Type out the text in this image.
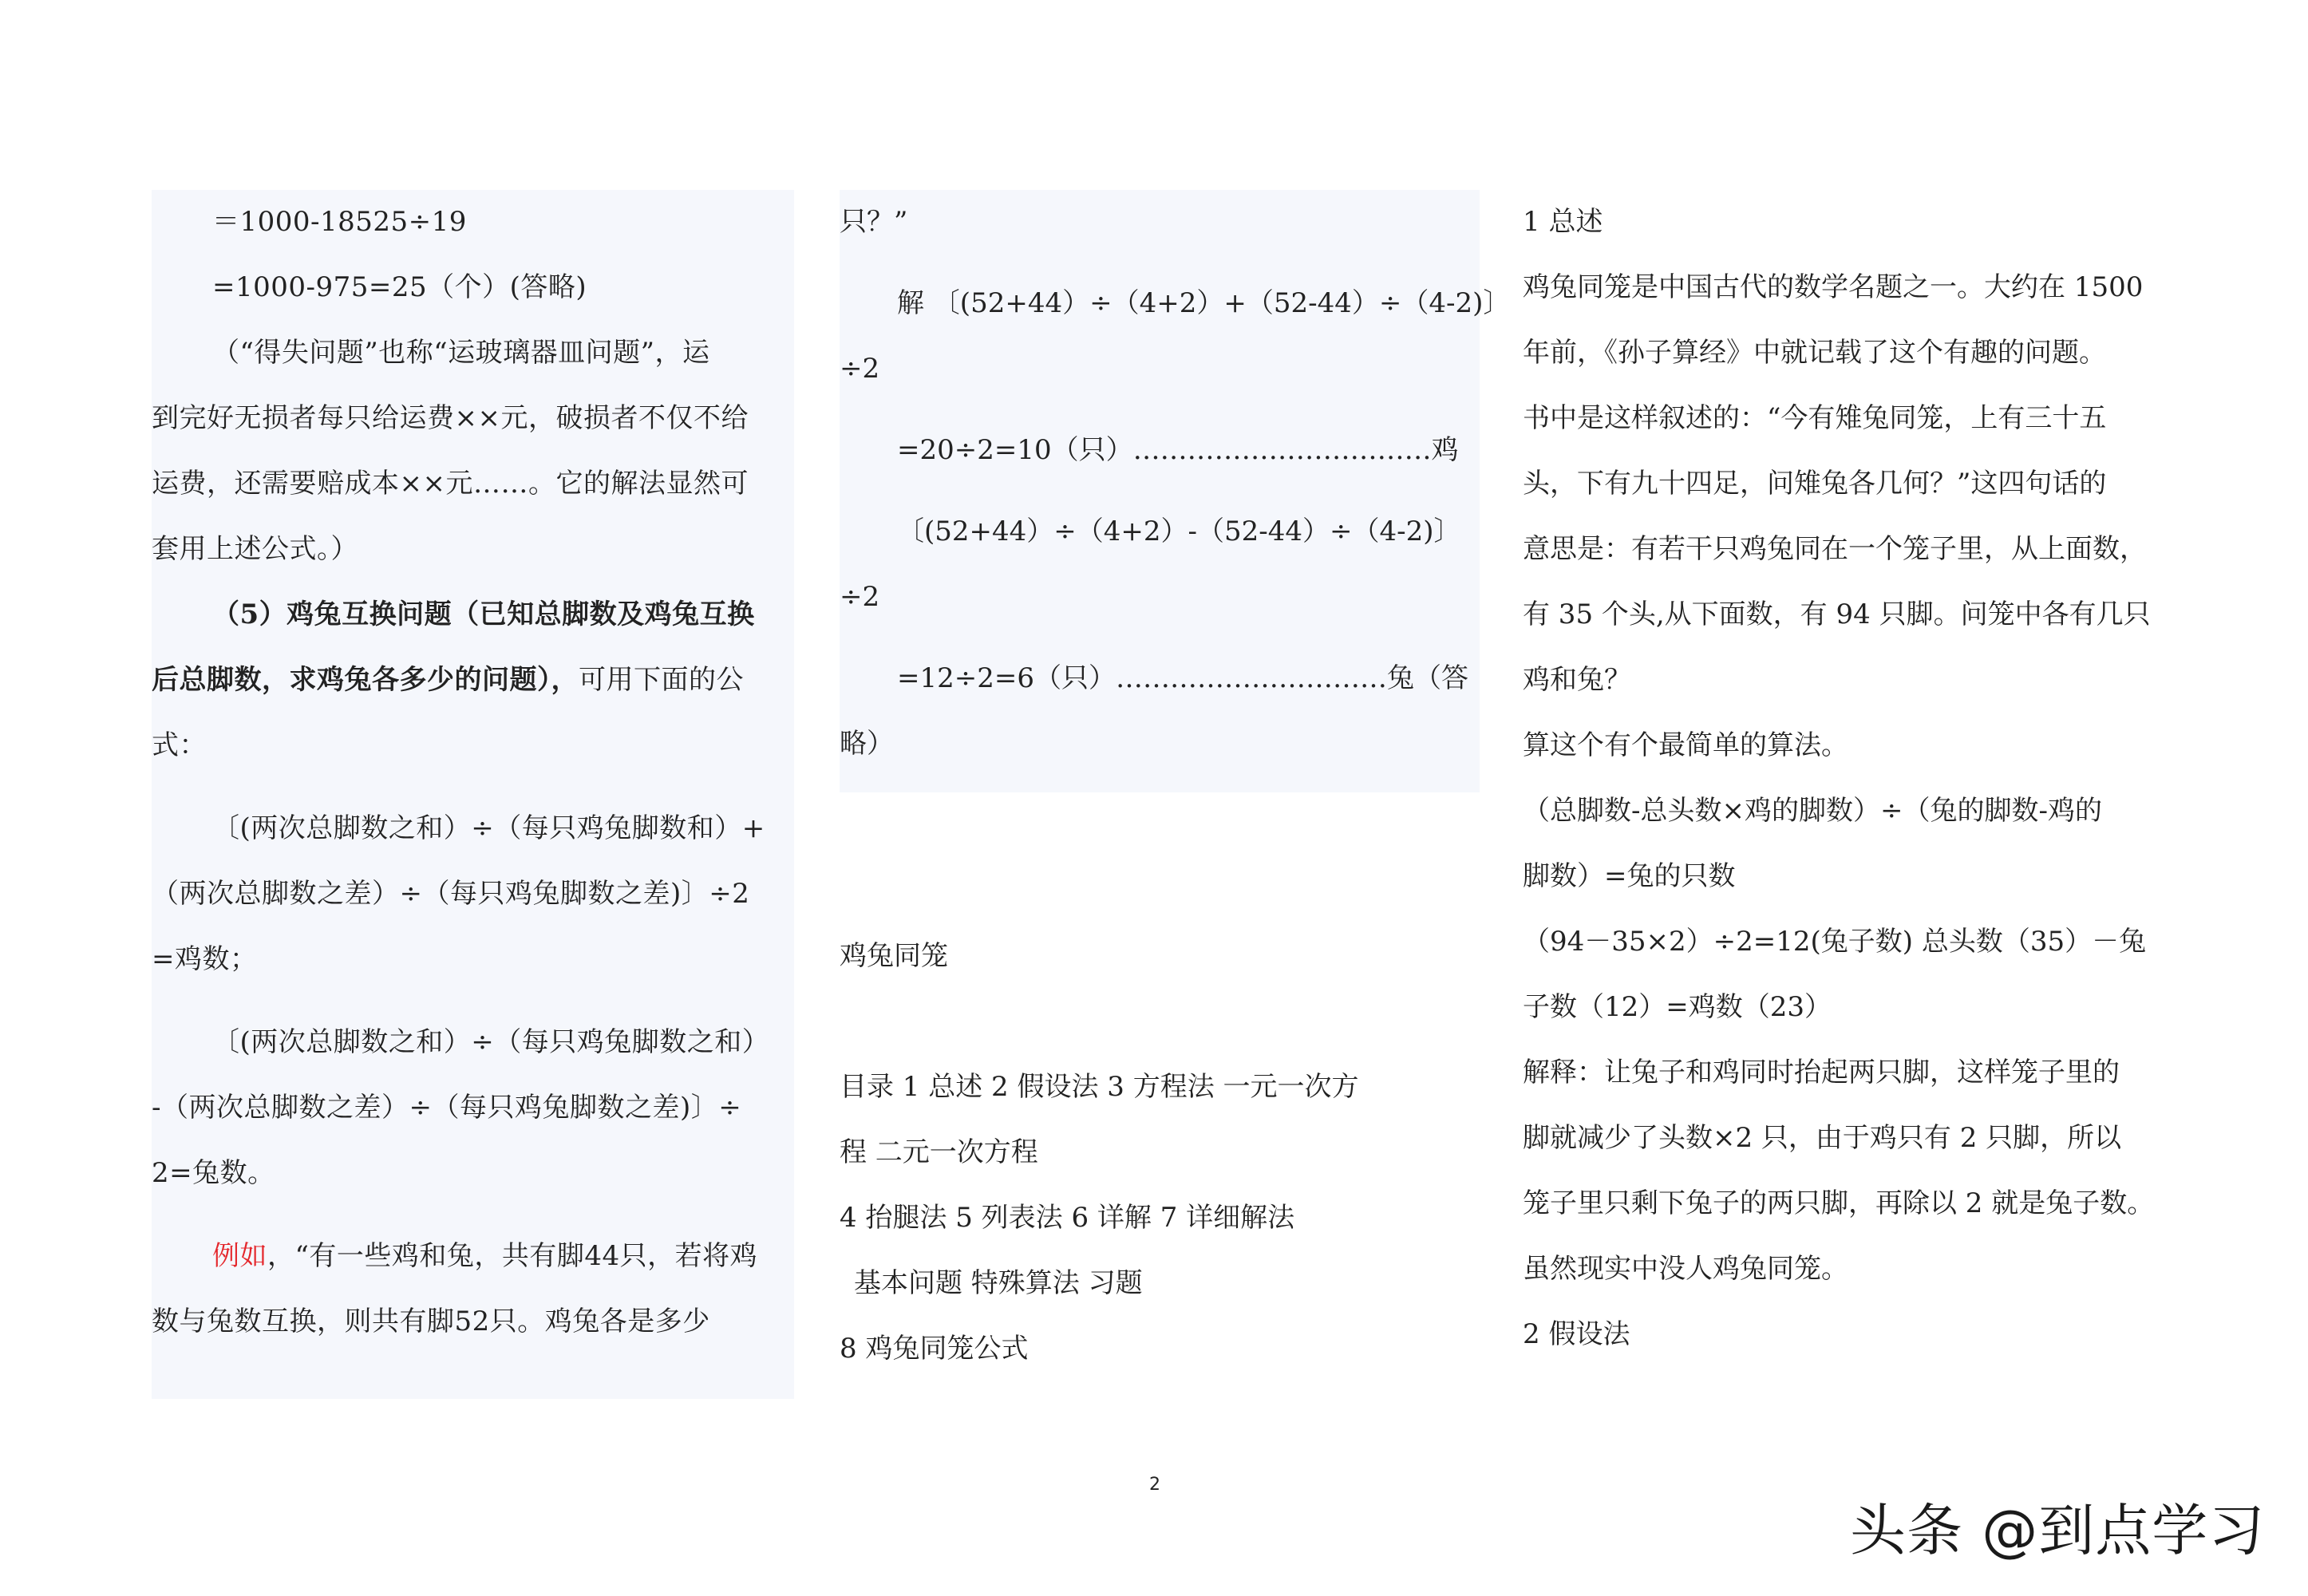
＝1000-18525÷19
=1000-975=25（个）(答略)
（“得失问题”也称“运玻璃器皿问题”，运
到完好无损者每只给运费××元，破损者不仅不给
运费，还需要赔成本××元……。它的解法显然可
套用上述公式。）
（5）鸡兔互换问题（已知总脚数及鸡兔互换
后总脚数，求鸡兔各多少的问题），可用下面的公
式：
〔(两次总脚数之和）÷（每只鸡兔脚数和）+
（两次总脚数之差）÷（每只鸡兔脚数之差)〕÷2
=鸡数；
〔(两次总脚数之和）÷（每只鸡兔脚数之和）
-（两次总脚数之差）÷（每只鸡兔脚数之差)〕÷
2=兔数。
例如，“有一些鸡和兔，共有脚44只，若将鸡
数与兔数互换，则共有脚52只。鸡兔各是多少
只？”
解 〔(52+44）÷（4+2）+（52-44）÷（4-2)〕
÷2
=20÷2=10（只）……………………………鸡
〔(52+44）÷（4+2）-（52-44）÷（4-2)〕
÷2
=12÷2=6（只）…………………………兔（答
略）
鸡兔同笼
目录 1 总述 2 假设法 3 方程法 一元一次方
程 二元一次方程
4 抬腿法 5 列表法 6 详解 7 详细解法
基本问题 特殊算法 习题
8 鸡兔同笼公式
1 总述
鸡兔同笼是中国古代的数学名题之一。大约在 1500
年前，《孙子算经》中就记载了这个有趣的问题。
书中是这样叙述的：“今有雉兔同笼，上有三十五
头，下有九十四足，问雉兔各几何？”这四句话的
意思是：有若干只鸡兔同在一个笼子里，从上面数，
有 35 个头,从下面数，有 94 只脚。问笼中各有几只
鸡和兔？
算这个有个最简单的算法。
（总脚数-总头数×鸡的脚数）÷（兔的脚数-鸡的
脚数）=兔的只数
（94－35×2）÷2=12(兔子数) 总头数（35）－兔
子数（12）=鸡数（23）
解释：让兔子和鸡同时抬起两只脚，这样笼子里的
脚就减少了头数×2 只，由于鸡只有 2 只脚，所以
笼子里只剩下兔子的两只脚，再除以 2 就是兔子数。
虽然现实中没人鸡兔同笼。
2 假设法
2
头条 @到点学习
